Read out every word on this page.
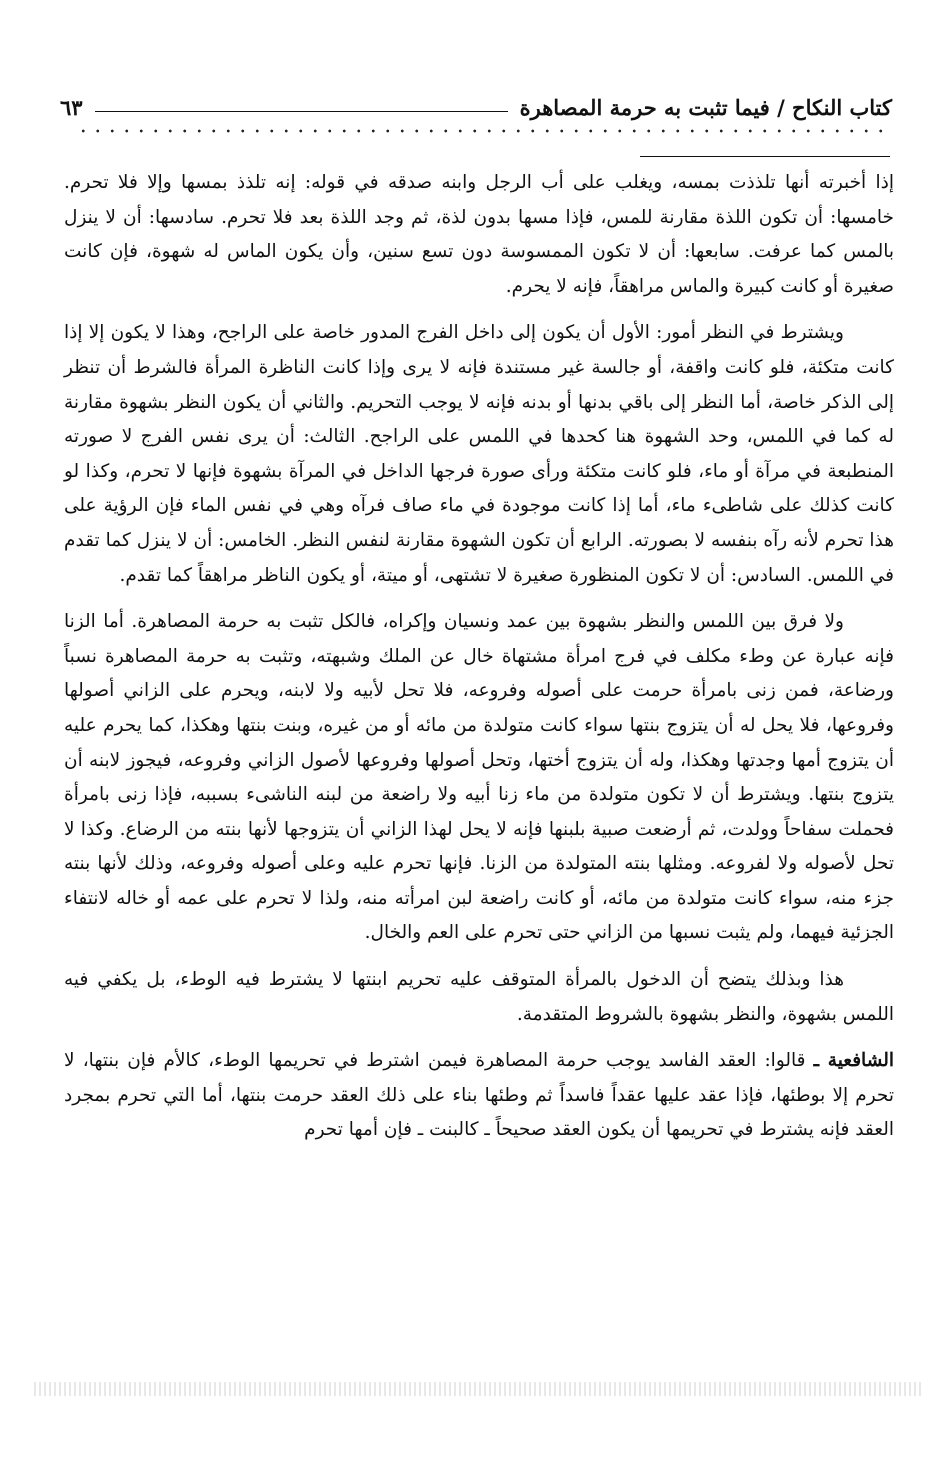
كتاب النكاح / فيما تثبت به حرمة المصاهرة
٦٣

إذا أخبرته أنها تلذذت بمسه، ويغلب على أب الرجل وابنه صدقه في قوله: إنه تلذذ بمسها وإلا فلا تحرم. خامسها: أن تكون اللذة مقارنة للمس، فإذا مسها بدون لذة، ثم وجد اللذة بعد فلا تحرم. سادسها: أن لا ينزل بالمس كما عرفت. سابعها: أن لا تكون الممسوسة دون تسع سنين، وأن يكون الماس له شهوة، فإن كانت صغيرة أو كانت كبيرة والماس مراهقاً، فإنه لا يحرم.

ويشترط في النظر أمور: الأول أن يكون إلى داخل الفرج المدور خاصة على الراجح، وهذا لا يكون إلا إذا كانت متكئة، فلو كانت واقفة، أو جالسة غير مستندة فإنه لا يرى وإذا كانت الناظرة المرأة فالشرط أن تنظر إلى الذكر خاصة، أما النظر إلى باقي بدنها أو بدنه فإنه لا يوجب التحريم. والثاني أن يكون النظر بشهوة مقارنة له كما في اللمس، وحد الشهوة هنا كحدها في اللمس على الراجح. الثالث: أن يرى نفس الفرج لا صورته المنطبعة في مرآة أو ماء، فلو كانت متكئة ورأى صورة فرجها الداخل في المرآة بشهوة فإنها لا تحرم، وكذا لو كانت كذلك على شاطىء ماء، أما إذا كانت موجودة في ماء صاف فرآه وهي في نفس الماء فإن الرؤية على هذا تحرم لأنه رآه بنفسه لا بصورته. الرابع أن تكون الشهوة مقارنة لنفس النظر. الخامس: أن لا ينزل كما تقدم في اللمس. السادس: أن لا تكون المنظورة صغيرة لا تشتهى، أو ميتة، أو يكون الناظر مراهقاً كما تقدم.

ولا فرق بين اللمس والنظر بشهوة بين عمد ونسيان وإكراه، فالكل تثبت به حرمة المصاهرة. أما الزنا فإنه عبارة عن وطء مكلف في فرج امرأة مشتهاة خال عن الملك وشبهته، وتثبت به حرمة المصاهرة نسباً ورضاعة، فمن زنى بامرأة حرمت على أصوله وفروعه، فلا تحل لأبيه ولا لابنه، ويحرم على الزاني أصولها وفروعها، فلا يحل له أن يتزوج بنتها سواء كانت متولدة من مائه أو من غيره، وبنت بنتها وهكذا، كما يحرم عليه أن يتزوج أمها وجدتها وهكذا، وله أن يتزوج أختها، وتحل أصولها وفروعها لأصول الزاني وفروعه، فيجوز لابنه أن يتزوج بنتها. ويشترط أن لا تكون متولدة من ماء زنا أبيه ولا راضعة من لبنه الناشىء بسببه، فإذا زنى بامرأة فحملت سفاحاً وولدت، ثم أرضعت صبية بلبنها فإنه لا يحل لهذا الزاني أن يتزوجها لأنها بنته من الرضاع. وكذا لا تحل لأصوله ولا لفروعه. ومثلها بنته المتولدة من الزنا. فإنها تحرم عليه وعلى أصوله وفروعه، وذلك لأنها بنته جزء منه، سواء كانت متولدة من مائه، أو كانت راضعة لبن امرأته منه، ولذا لا تحرم على عمه أو خاله لانتفاء الجزئية فيهما، ولم يثبت نسبها من الزاني حتى تحرم على العم والخال.

هذا وبذلك يتضح أن الدخول بالمرأة المتوقف عليه تحريم ابنتها لا يشترط فيه الوطء، بل يكفي فيه اللمس بشهوة، والنظر بشهوة بالشروط المتقدمة.

الشافعية ـ قالوا: العقد الفاسد يوجب حرمة المصاهرة فيمن اشترط في تحريمها الوطء، كالأم فإن بنتها، لا تحرم إلا بوطئها، فإذا عقد عليها عقداً فاسداً ثم وطئها بناء على ذلك العقد حرمت بنتها، أما التي تحرم بمجرد العقد فإنه يشترط في تحريمها أن يكون العقد صحيحاً ـ كالبنت ـ فإن أمها تحرم
